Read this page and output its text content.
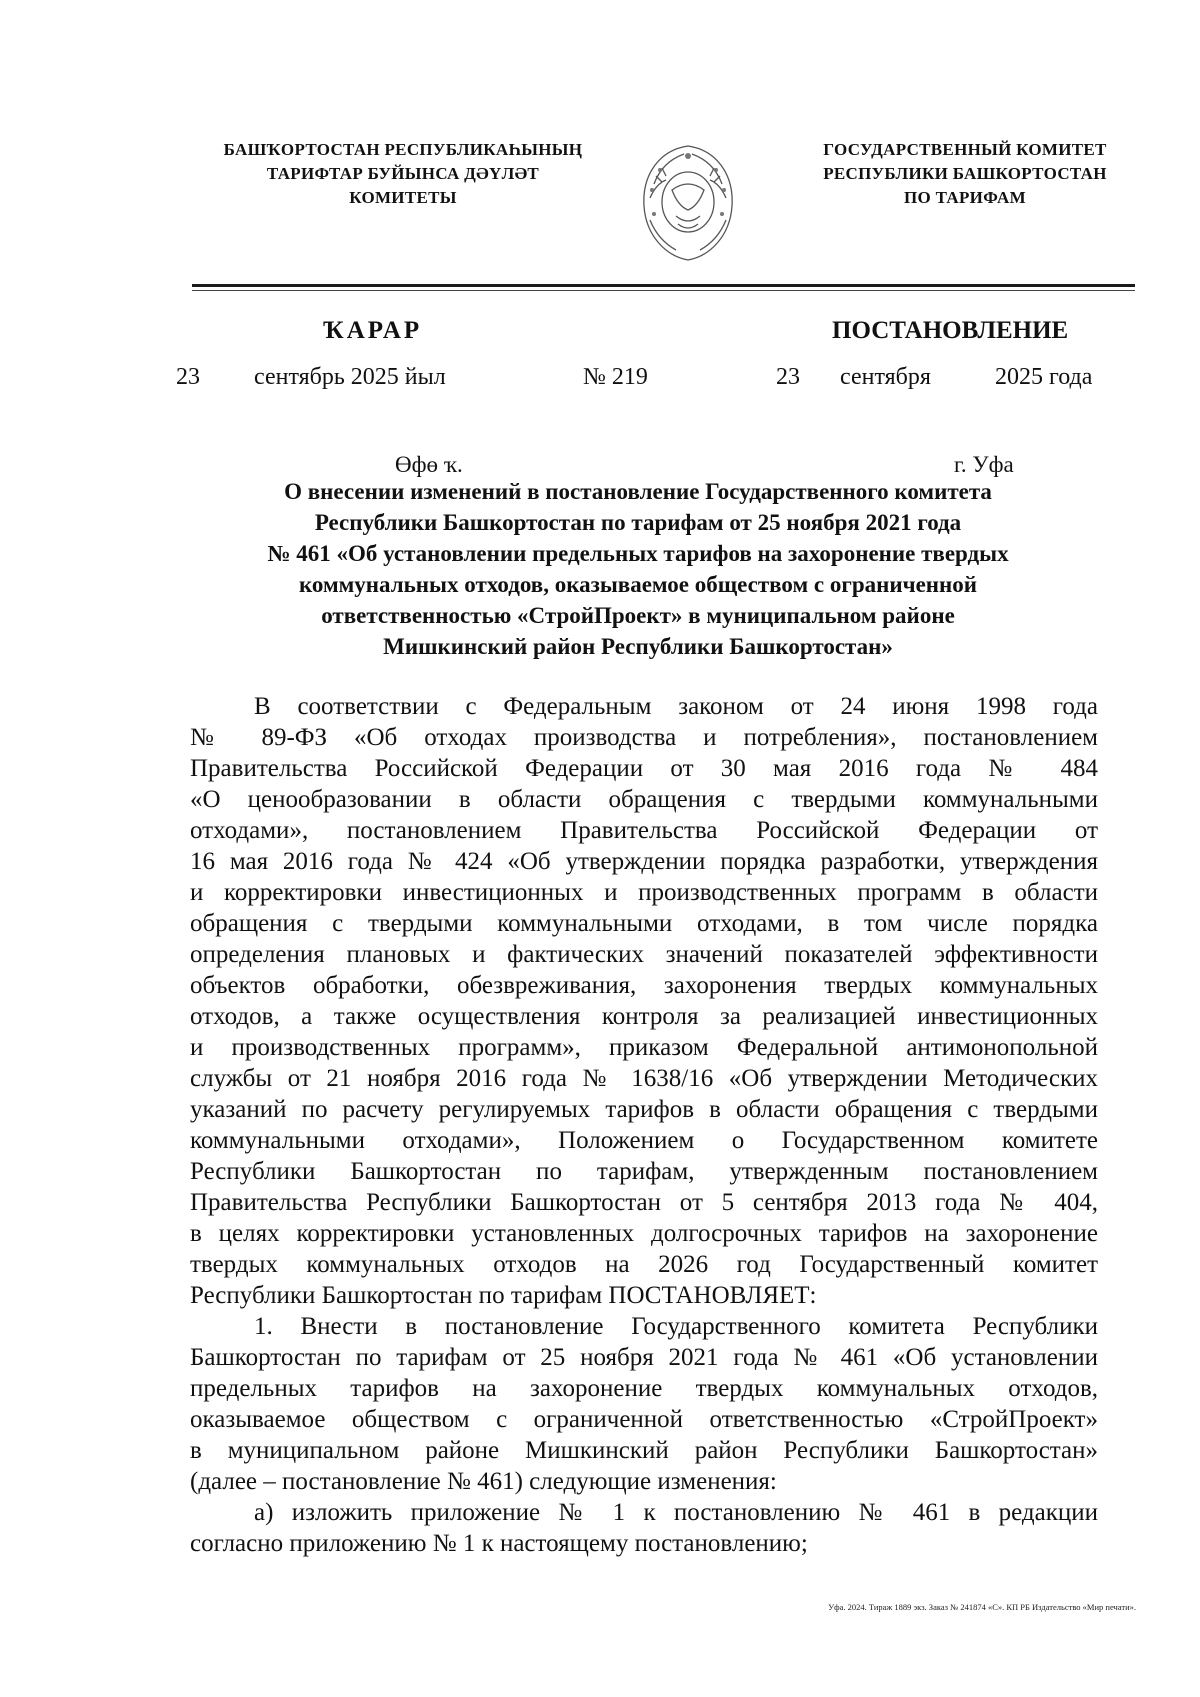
БАШҠОРТОСТАН РЕСПУБЛИКАҺЫНЫҢ
ТАРИФТАР БУЙЫНСА ДӘҮЛӘТ
КОМИТЕТЫ
ГОСУДАРСТВЕННЫЙ КОМИТЕТ
РЕСПУБЛИКИ БАШКОРТОСТАН
ПО ТАРИФАМ
ҠАРАР	ПОСТАНОВЛЕНИЕ
23 сентябрь 2025 йыл	№ 219	23 сентября	2025 года
Өфө ҡ.	г. Уфа
О внесении изменений в постановление Государственного комитета
Республики Башкортостан по тарифам от 25 ноября 2021 года
№ 461 «Об установлении предельных тарифов на захоронение твердых
коммунальных отходов, оказываемое обществом с ограниченной
ответственностью «СтройПроект» в муниципальном районе
Мишкинский район Республики Башкортостан»
В соответствии с Федеральным законом от 24 июня 1998 года
№ 89-ФЗ «Об отходах производства и потребления», постановлением
Правительства Российской Федерации от 30 мая 2016 года № 484
«О ценообразовании в области обращения с твердыми коммунальными
отходами», постановлением Правительства Российской Федерации от
16 мая 2016 года № 424 «Об утверждении порядка разработки, утверждения
и корректировки инвестиционных и производственных программ в области
обращения с твердыми коммунальными отходами, в том числе порядка
определения плановых и фактических значений показателей эффективности
объектов обработки, обезвреживания, захоронения твердых коммунальных
отходов, а также осуществления контроля за реализацией инвестиционных
и производственных программ», приказом Федеральной антимонопольной
службы от 21 ноября 2016 года № 1638/16 «Об утверждении Методических
указаний по расчету регулируемых тарифов в области обращения с твердыми
коммунальными отходами», Положением о Государственном комитете
Республики Башкортостан по тарифам, утвержденным постановлением
Правительства Республики Башкортостан от 5 сентября 2013 года № 404,
в целях корректировки установленных долгосрочных тарифов на захоронение
твердых коммунальных отходов на 2026 год Государственный комитет
Республики Башкортостан по тарифам ПОСТАНОВЛЯЕТ:
1. Внести в постановление Государственного комитета Республики
Башкортостан по тарифам от 25 ноября 2021 года № 461 «Об установлении
предельных тарифов на захоронение твердых коммунальных отходов,
оказываемое обществом с ограниченной ответственностью «СтройПроект»
в муниципальном районе Мишкинский район Республики Башкортостан»
(далее – постановление № 461) следующие изменения:
а) изложить приложение № 1 к постановлению № 461 в редакции
согласно приложению № 1 к настоящему постановлению;
Уфа. 2024. Тираж 1889 экз. Заказ № 241874 «С». КП РБ Издательство «Мир печати».
